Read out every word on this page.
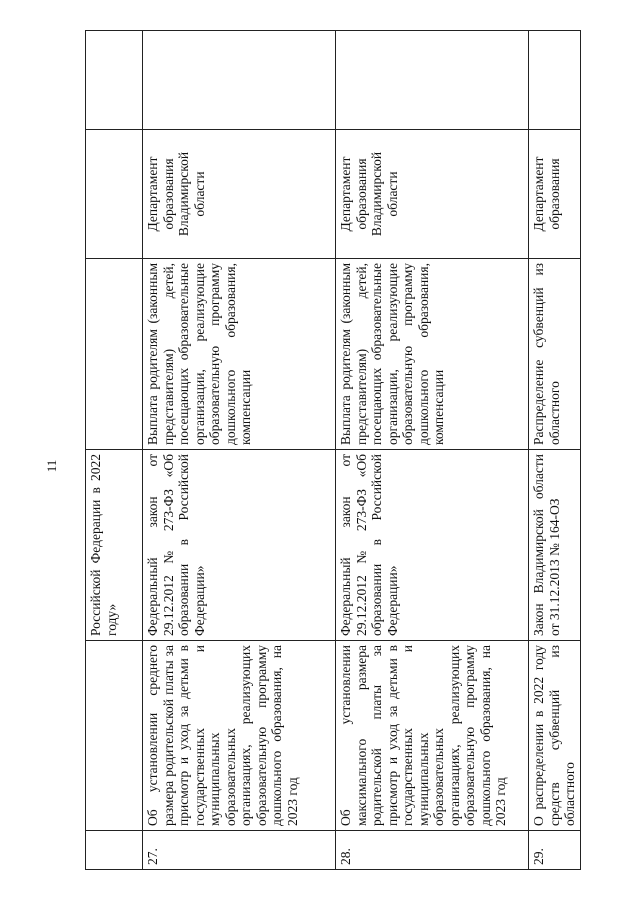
11
		Российской Федерации в 2022 году»			
27.	Об установлении среднего размера родительской платы за присмотр и уход за детьми в государственных и муниципальных образовательных организациях, реализующих образовательную программу дошкольного образования, на 2023 год	Федеральный закон от 29.12.2012 № 273-ФЗ «Об образовании в Российской Федерации»	Выплата родителям (законным представителям) детей, посещающих образовательные организации, реализующие образовательную программу дошкольного образования, компенсации	Департамент образования Владимирской области	
28.	Об установлении максимального размера родительской платы за присмотр и уход за детьми в государственных и муниципальных образовательных организациях, реализующих образовательную программу дошкольного образования, на 2023 год	Федеральный закон от 29.12.2012 № 273-ФЗ «Об образовании в Российской Федерации»	Выплата родителям (законным представителям) детей, посещающих образовательные организации, реализующие образовательную программу дошкольного образования, компенсации	Департамент образования Владимирской области	
29.	О распределении в 2022 году средств субвенций из областного	Закон Владимирской области от 31.12.2013 № 164-ОЗ	Распределение субвенций из областного	Департамент образования	
